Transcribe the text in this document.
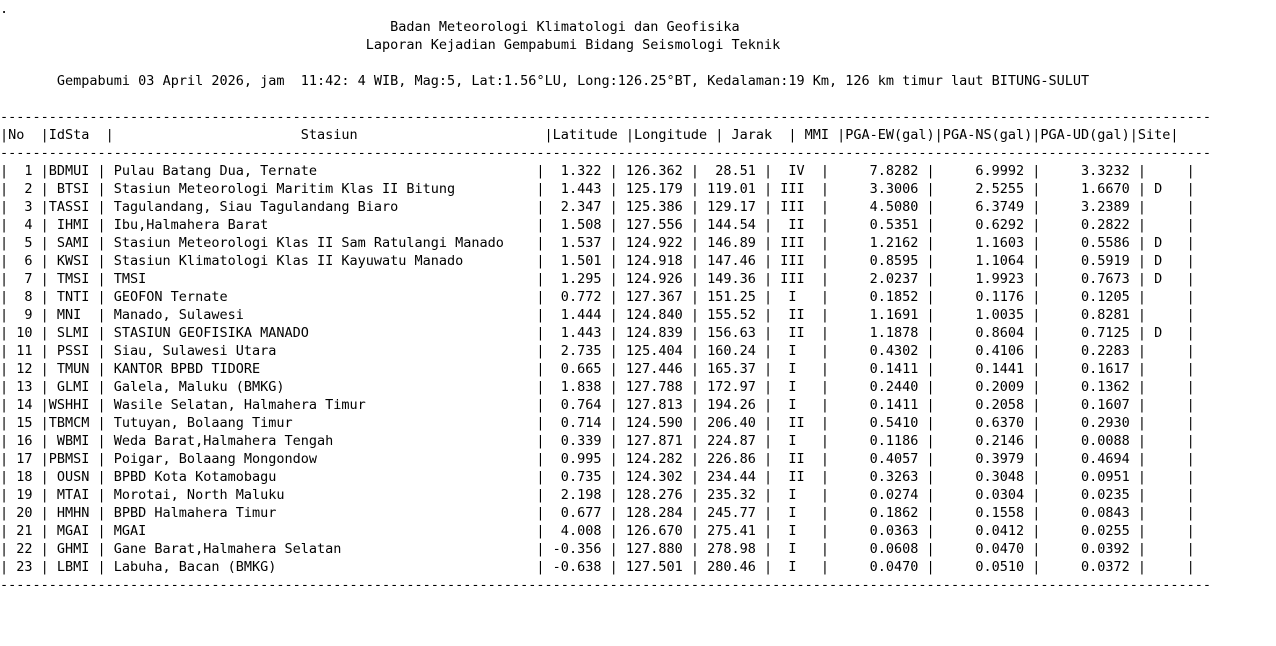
.
Badan Meteorologi Klimatologi dan Geofisika
Laporan Kejadian Gempabumi Bidang Seismologi Teknik

Gempabumi 03 April 2026, jam  11:42: 4 WIB, Mag:5, Lat:1.56°LU, Long:126.25°BT, Kedalaman:19 Km, 126 km timur laut BITUNG-SULUT

-----------------------------------------------------------------------------------------------------------------------------------------------------
|No  |IdSta  |                       Stasiun                       |Latitude |Longitude | Jarak  | MMI |PGA-EW(gal)|PGA-NS(gal)|PGA-UD(gal)|Site|
-----------------------------------------------------------------------------------------------------------------------------------------------------
|  1 |BDMUI | Pulau Batang Dua, Ternate                           |  1.322 | 126.362 |  28.51 |  IV  |     7.8282 |     6.9992 |     3.3232 |     |
|  2 | BTSI | Stasiun Meteorologi Maritim Klas II Bitung          |  1.443 | 125.179 | 119.01 | III  |     3.3006 |     2.5255 |     1.6670 | D   |
|  3 |TASSI | Tagulandang, Siau Tagulandang Biaro                 |  2.347 | 125.386 | 129.17 | III  |     4.5080 |     6.3749 |     3.2389 |     |
|  4 | IHMI | Ibu,Halmahera Barat                                 |  1.508 | 127.556 | 144.54 |  II  |     0.5351 |     0.6292 |     0.2822 |     |
|  5 | SAMI | Stasiun Meteorologi Klas II Sam Ratulangi Manado    |  1.537 | 124.922 | 146.89 | III  |     1.2162 |     1.1603 |     0.5586 | D   |
|  6 | KWSI | Stasiun Klimatologi Klas II Kayuwatu Manado         |  1.501 | 124.918 | 147.46 | III  |     0.8595 |     1.1064 |     0.5919 | D   |
|  7 | TMSI | TMSI                                                |  1.295 | 124.926 | 149.36 | III  |     2.0237 |     1.9923 |     0.7673 | D   |
|  8 | TNTI | GEOFON Ternate                                      |  0.772 | 127.367 | 151.25 |  I   |     0.1852 |     0.1176 |     0.1205 |     |
|  9 | MNI  | Manado, Sulawesi                                    |  1.444 | 124.840 | 155.52 |  II  |     1.1691 |     1.0035 |     0.8281 |     |
| 10 | SLMI | STASIUN GEOFISIKA MANADO                            |  1.443 | 124.839 | 156.63 |  II  |     1.1878 |     0.8604 |     0.7125 | D   |
| 11 | PSSI | Siau, Sulawesi Utara                                |  2.735 | 125.404 | 160.24 |  I   |     0.4302 |     0.4106 |     0.2283 |     |
| 12 | TMUN | KANTOR BPBD TIDORE                                  |  0.665 | 127.446 | 165.37 |  I   |     0.1411 |     0.1441 |     0.1617 |     |
| 13 | GLMI | Galela, Maluku (BMKG)                               |  1.838 | 127.788 | 172.97 |  I   |     0.2440 |     0.2009 |     0.1362 |     |
| 14 |WSHHI | Wasile Selatan, Halmahera Timur                     |  0.764 | 127.813 | 194.26 |  I   |     0.1411 |     0.2058 |     0.1607 |     |
| 15 |TBMCM | Tutuyan, Bolaang Timur                              |  0.714 | 124.590 | 206.40 |  II  |     0.5410 |     0.6370 |     0.2930 |     |
| 16 | WBMI | Weda Barat,Halmahera Tengah                         |  0.339 | 127.871 | 224.87 |  I   |     0.1186 |     0.2146 |     0.0088 |     |
| 17 |PBMSI | Poigar, Bolaang Mongondow                           |  0.995 | 124.282 | 226.86 |  II  |     0.4057 |     0.3979 |     0.4694 |     |
| 18 | OUSN | BPBD Kota Kotamobagu                                |  0.735 | 124.302 | 234.44 |  II  |     0.3263 |     0.3048 |     0.0951 |     |
| 19 | MTAI | Morotai, North Maluku                               |  2.198 | 128.276 | 235.32 |  I   |     0.0274 |     0.0304 |     0.0235 |     |
| 20 | HMHN | BPBD Halmahera Timur                                |  0.677 | 128.284 | 245.77 |  I   |     0.1862 |     0.1558 |     0.0843 |     |
| 21 | MGAI | MGAI                                                |  4.008 | 126.670 | 275.41 |  I   |     0.0363 |     0.0412 |     0.0255 |     |
| 22 | GHMI | Gane Barat,Halmahera Selatan                        | -0.356 | 127.880 | 278.98 |  I   |     0.0608 |     0.0470 |     0.0392 |     |
| 23 | LBMI | Labuha, Bacan (BMKG)                                | -0.638 | 127.501 | 280.46 |  I   |     0.0470 |     0.0510 |     0.0372 |     |
-----------------------------------------------------------------------------------------------------------------------------------------------------
